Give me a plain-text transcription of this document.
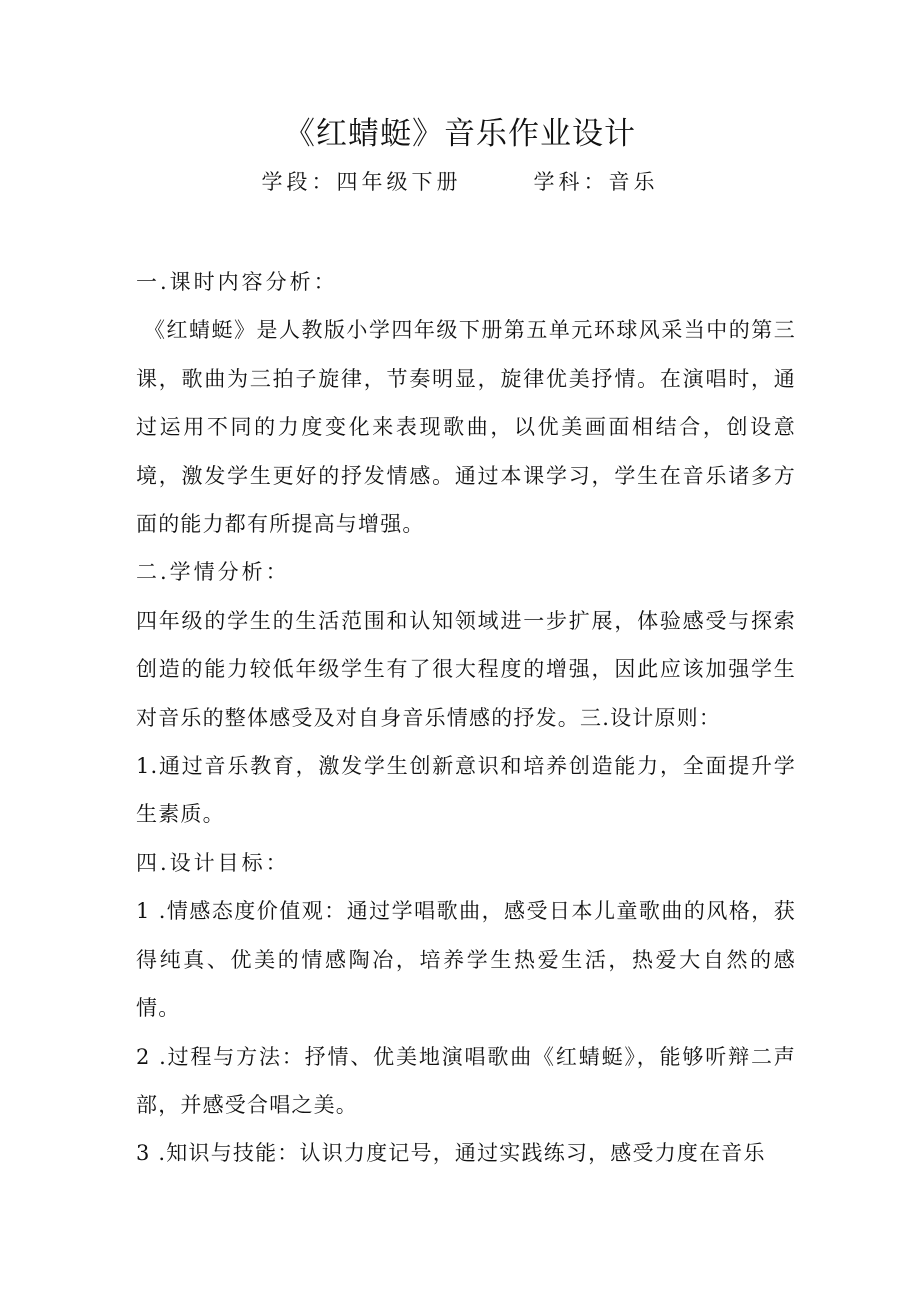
《红蜻蜓》音乐作业设计
学段：四年级下册	学科：音乐

一.课时内容分析：

《红蜻蜓》是人教版小学四年级下册第五单元环球风采当中的第三课，歌曲为三拍子旋律，节奏明显，旋律优美抒情。在演唱时，通过运用不同的力度变化来表现歌曲，以优美画面相结合，创设意境，激发学生更好的抒发情感。通过本课学习，学生在音乐诸多方面的能力都有所提高与增强。

二.学情分析：

四年级的学生的生活范围和认知领域进一步扩展，体验感受与探索创造的能力较低年级学生有了很大程度的增强，因此应该加强学生对音乐的整体感受及对自身音乐情感的抒发。三.设计原则：

1.通过音乐教育，激发学生创新意识和培养创造能力，全面提升学生素质。

四.设计目标：

1 .情感态度价值观：通过学唱歌曲，感受日本儿童歌曲的风格，获得纯真、优美的情感陶冶，培养学生热爱生活，热爱大自然的感情。

2 .过程与方法：抒情、优美地演唱歌曲《红蜻蜓》，能够听辩二声部，并感受合唱之美。

3 .知识与技能：认识力度记号，通过实践练习，感受力度在音乐
